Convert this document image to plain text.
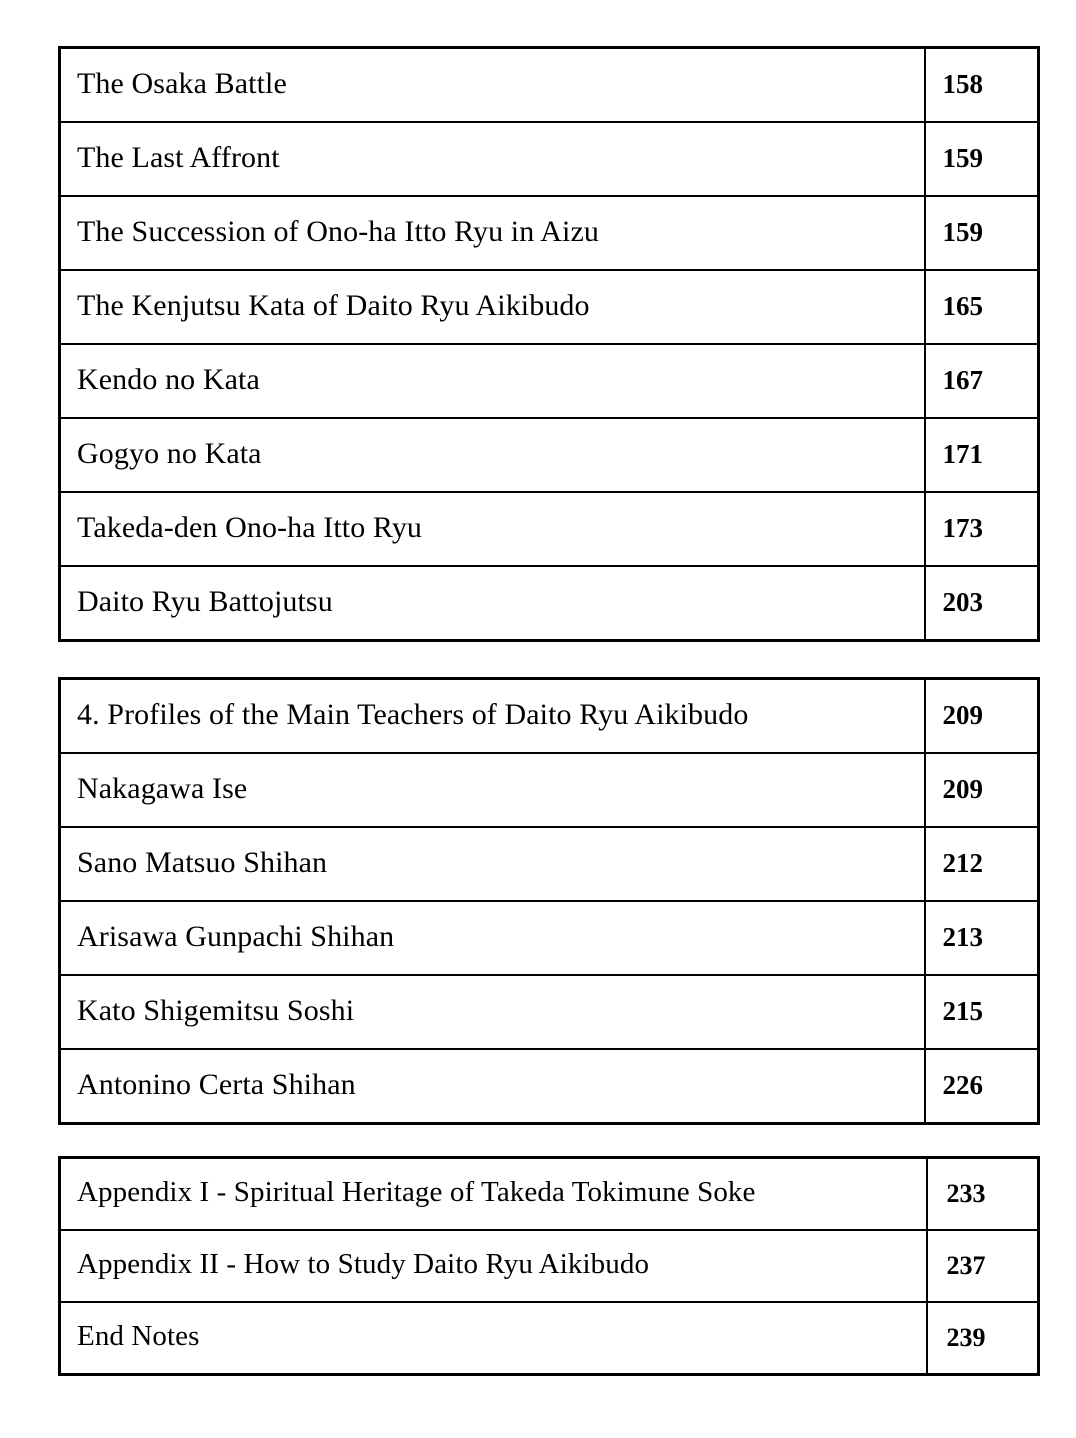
The Osaka Battle	158
The Last Affront	159
The Succession of Ono-ha Itto Ryu in Aizu	159
The Kenjutsu Kata of Daito Ryu Aikibudo	165
Kendo no Kata	167
Gogyo no Kata	171
Takeda-den Ono-ha Itto Ryu	173
Daito Ryu Battojutsu	203
4. Profiles of the Main Teachers of Daito Ryu Aikibudo	209
Nakagawa Ise	209
Sano Matsuo Shihan	212
Arisawa Gunpachi Shihan	213
Kato Shigemitsu Soshi	215
Antonino Certa Shihan	226
Appendix I - Spiritual Heritage of Takeda Tokimune Soke	233
Appendix II - How to Study Daito Ryu Aikibudo	237
End Notes	239
